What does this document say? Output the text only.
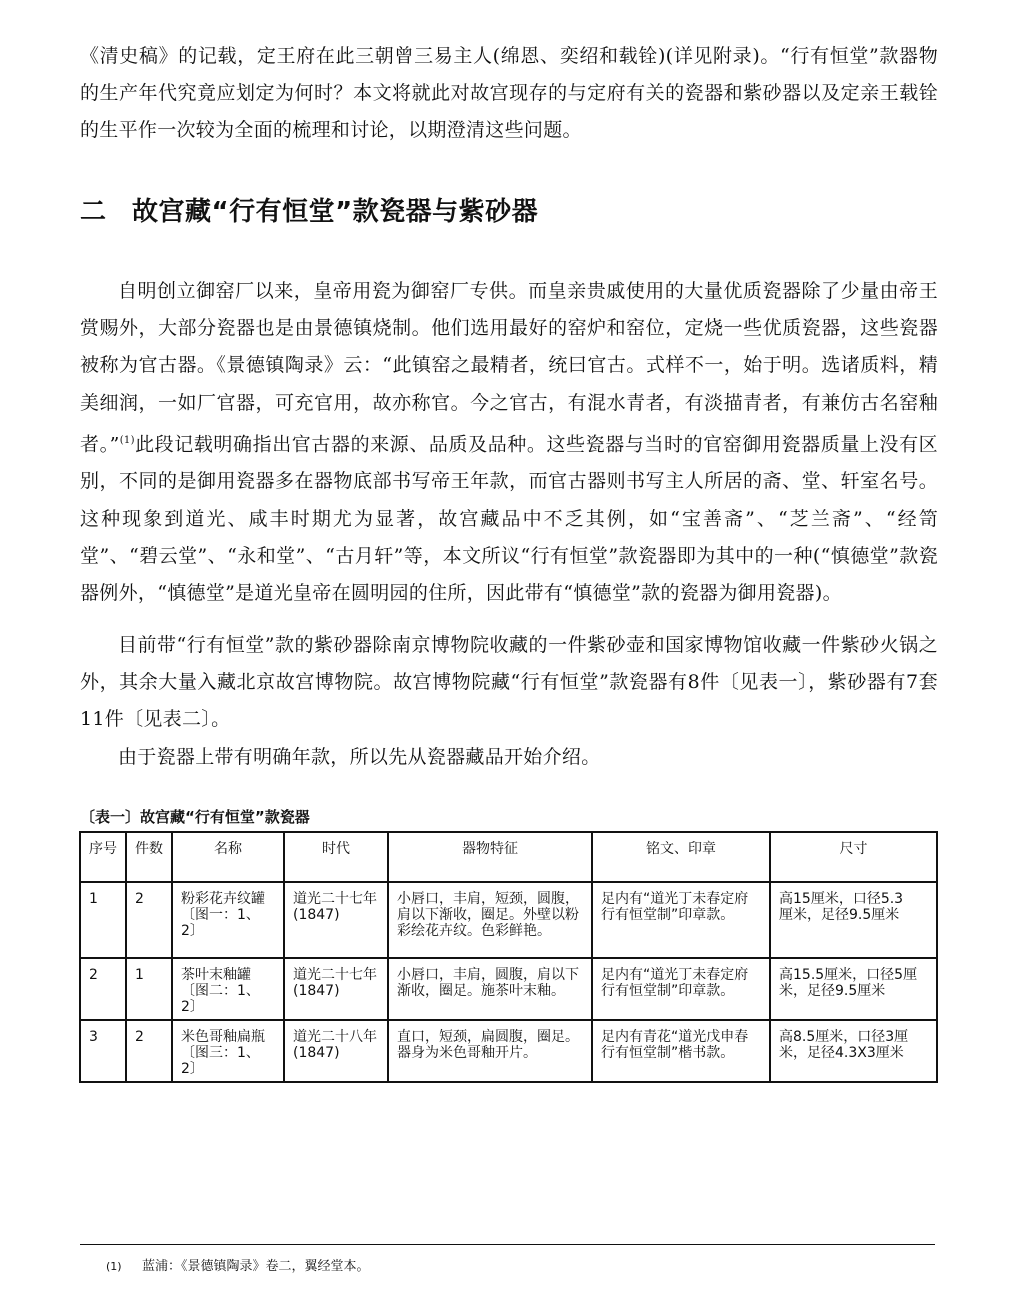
《清史稿》的记载，定王府在此三朝曾三易主人(绵恩、奕绍和载铨)(详见附录)。“行有恒堂”款器物的生产年代究竟应划定为何时？本文将就此对故宫现存的与定府有关的瓷器和紫砂器以及定亲王载铨的生平作一次较为全面的梳理和讨论，以期澄清这些问题。

二 故宫藏“行有恒堂”款瓷器与紫砂器
自明创立御窑厂以来，皇帝用瓷为御窑厂专供。而皇亲贵戚使用的大量优质瓷器除了少量由帝王赏赐外，大部分瓷器也是由景德镇烧制。他们选用最好的窑炉和窑位，定烧一些优质瓷器，这些瓷器被称为官古器。《景德镇陶录》云：“此镇窑之最精者，统曰官古。式样不一，始于明。选诸质料，精美细润，一如厂官器，可充官用，故亦称官。今之官古，有混水青者，有淡描青者，有兼仿古名窑釉者。”$^{(1)}$此段记载明确指出官古器的来源、品质及品种。这些瓷器与当时的官窑御用瓷器质量上没有区别，不同的是御用瓷器多在器物底部书写帝王年款，而官古器则书写主人所居的斋、堂、轩室名号。这种现象到道光、咸丰时期尤为显著，故宫藏品中不乏其例，如“宝善斋”、“芝兰斋”、“经笥堂”、“碧云堂”、“永和堂”、“古月轩”等，本文所议“行有恒堂”款瓷器即为其中的一种(“慎德堂”款瓷器例外，“慎德堂”是道光皇帝在圆明园的住所，因此带有“慎德堂”款的瓷器为御用瓷器)。

目前带“行有恒堂”款的紫砂器除南京博物院收藏的一件紫砂壶和国家博物馆收藏一件紫砂火锅之外，其余大量入藏北京故宫博物院。故宫博物院藏“行有恒堂”款瓷器有8件〔见表一〕，紫砂器有7套11件〔见表二〕。

由于瓷器上带有明确年款，所以先从瓷器藏品开始介绍。

〔表一〕故宫藏“行有恒堂”款瓷器
序号	件数	名称	时代	器物特征	铭文、印章	尺寸
1	2	粉彩花卉纹罐〔图一：1、2〕	道光二十七年(1847)	小唇口，丰肩，短颈，圆腹，肩以下渐收，圈足。外壁以粉彩绘花卉纹。色彩鲜艳。	足内有“道光丁未春定府行有恒堂制”印章款。	高15厘米，口径5.3　厘米，足径9.5厘米
2	1	茶叶末釉罐〔图二：1、2〕	道光二十七年(1847)	小唇口，丰肩，圆腹，肩以下渐收，圈足。施茶叶末釉。	足内有“道光丁未春定府行有恒堂制”印章款。	高15.5厘米，口径5厘米，足径9.5厘米
3	2	米色哥釉扁瓶〔图三：1、2〕	道光二十八年(1847)	直口，短颈，扁圆腹，圈足。器身为米色哥釉开片。	足内有青花“道光戊申春行有恒堂制”楷书款。	高8.5厘米，口径3厘米，足径4.3X3厘米
(1) 蓝浦：《景德镇陶录》卷二，翼经堂本。
